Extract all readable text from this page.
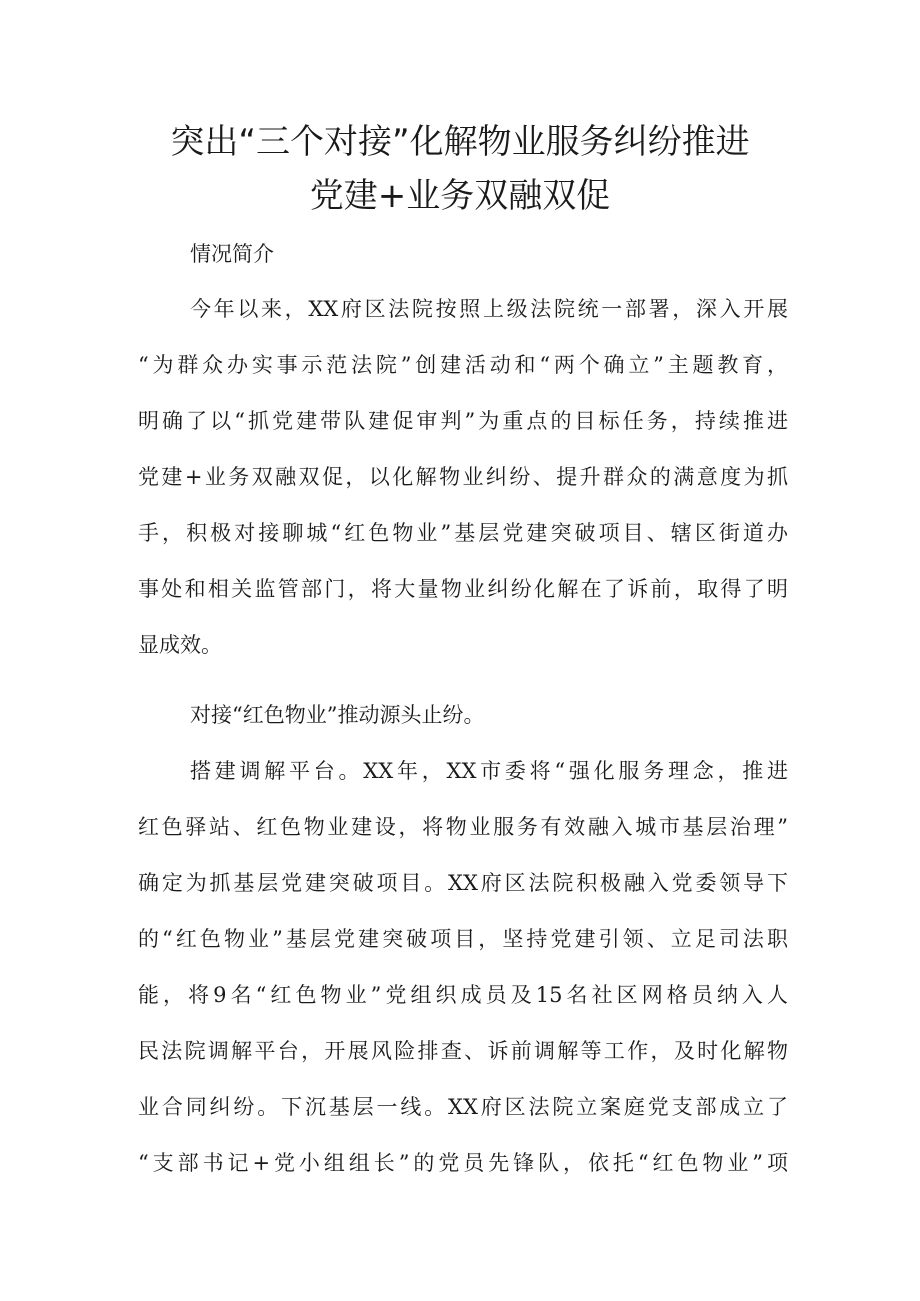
突出“三个对接”化解物业服务纠纷推进
党建+业务双融双促
情况简介
今年以来，XX府区法院按照上级法院统一部署，深入开展
“为群众办实事示范法院”创建活动和“两个确立”主题教育，
明确了以“抓党建带队建促审判”为重点的目标任务，持续推进
党建+业务双融双促，以化解物业纠纷、提升群众的满意度为抓
手，积极对接聊城“红色物业”基层党建突破项目、辖区街道办
事处和相关监管部门，将大量物业纠纷化解在了诉前，取得了明
显成效。
对接“红色物业”推动源头止纷。
搭建调解平台。XX年，XX市委将“强化服务理念，推进
红色驿站、红色物业建设，将物业服务有效融入城市基层治理”
确定为抓基层党建突破项目。XX府区法院积极融入党委领导下
的“红色物业”基层党建突破项目，坚持党建引领、立足司法职
能，将9名“红色物业”党组织成员及15名社区网格员纳入人
民法院调解平台，开展风险排查、诉前调解等工作，及时化解物
业合同纠纷。下沉基层一线。XX府区法院立案庭党支部成立了
“支部书记+党小组组长”的党员先锋队，依托“红色物业”项
